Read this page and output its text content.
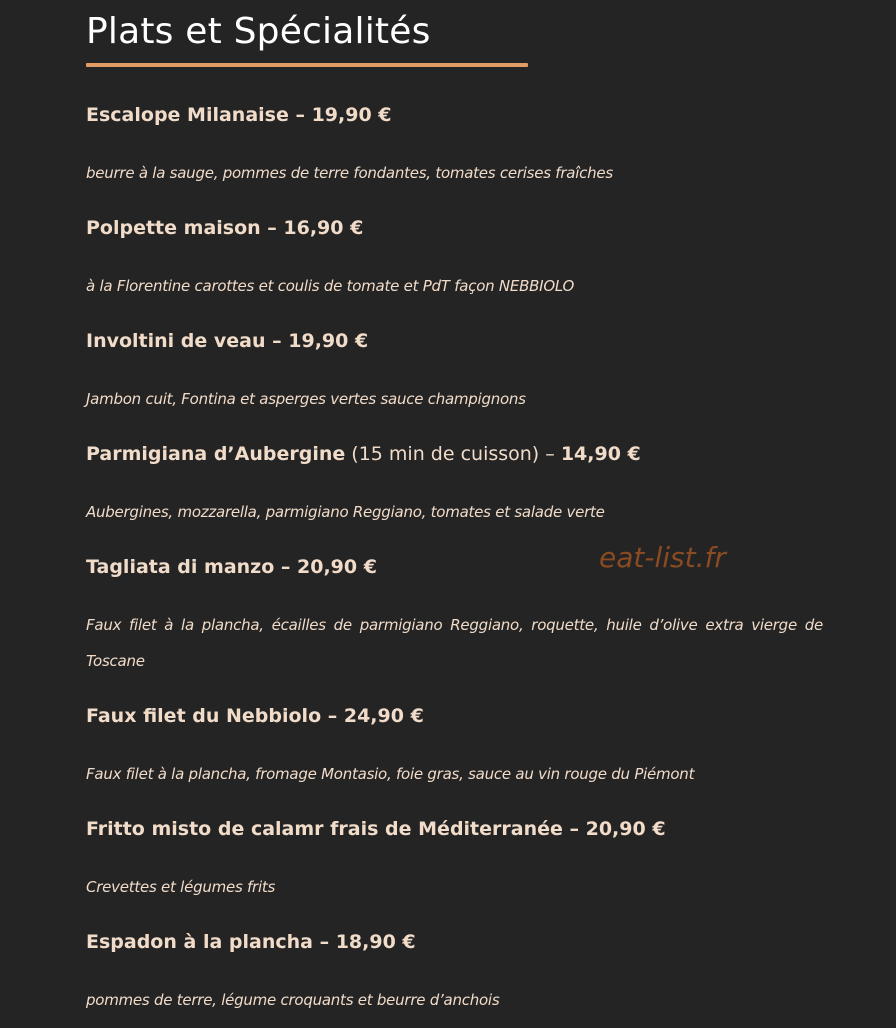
Plats et Spécialités
Escalope Milanaise – 19,90 €

beurre à la sauge, pommes de terre fondantes, tomates cerises fraîches

Polpette maison – 16,90 €

à la Florentine carottes et coulis de tomate et PdT façon NEBBIOLO

Involtini de veau – 19,90 €

Jambon cuit, Fontina et asperges vertes sauce champignons

Parmigiana d’Aubergine (15 min de cuisson) – 14,90 €

Aubergines, mozzarella, parmigiano Reggiano, tomates et salade verte

Tagliata di manzo – 20,90 €

Faux filet à la plancha, écailles de parmigiano Reggiano, roquette, huile d’olive extra vierge de Toscane

Faux filet du Nebbiolo – 24,90 €

Faux filet à la plancha, fromage Montasio, foie gras, sauce au vin rouge du Piémont

Fritto misto de calamr frais de Méditerranée – 20,90 €

Crevettes et légumes frits

Espadon à la plancha – 18,90 €

pommes de terre, légume croquants et beurre d’anchois

eat-list.fr
